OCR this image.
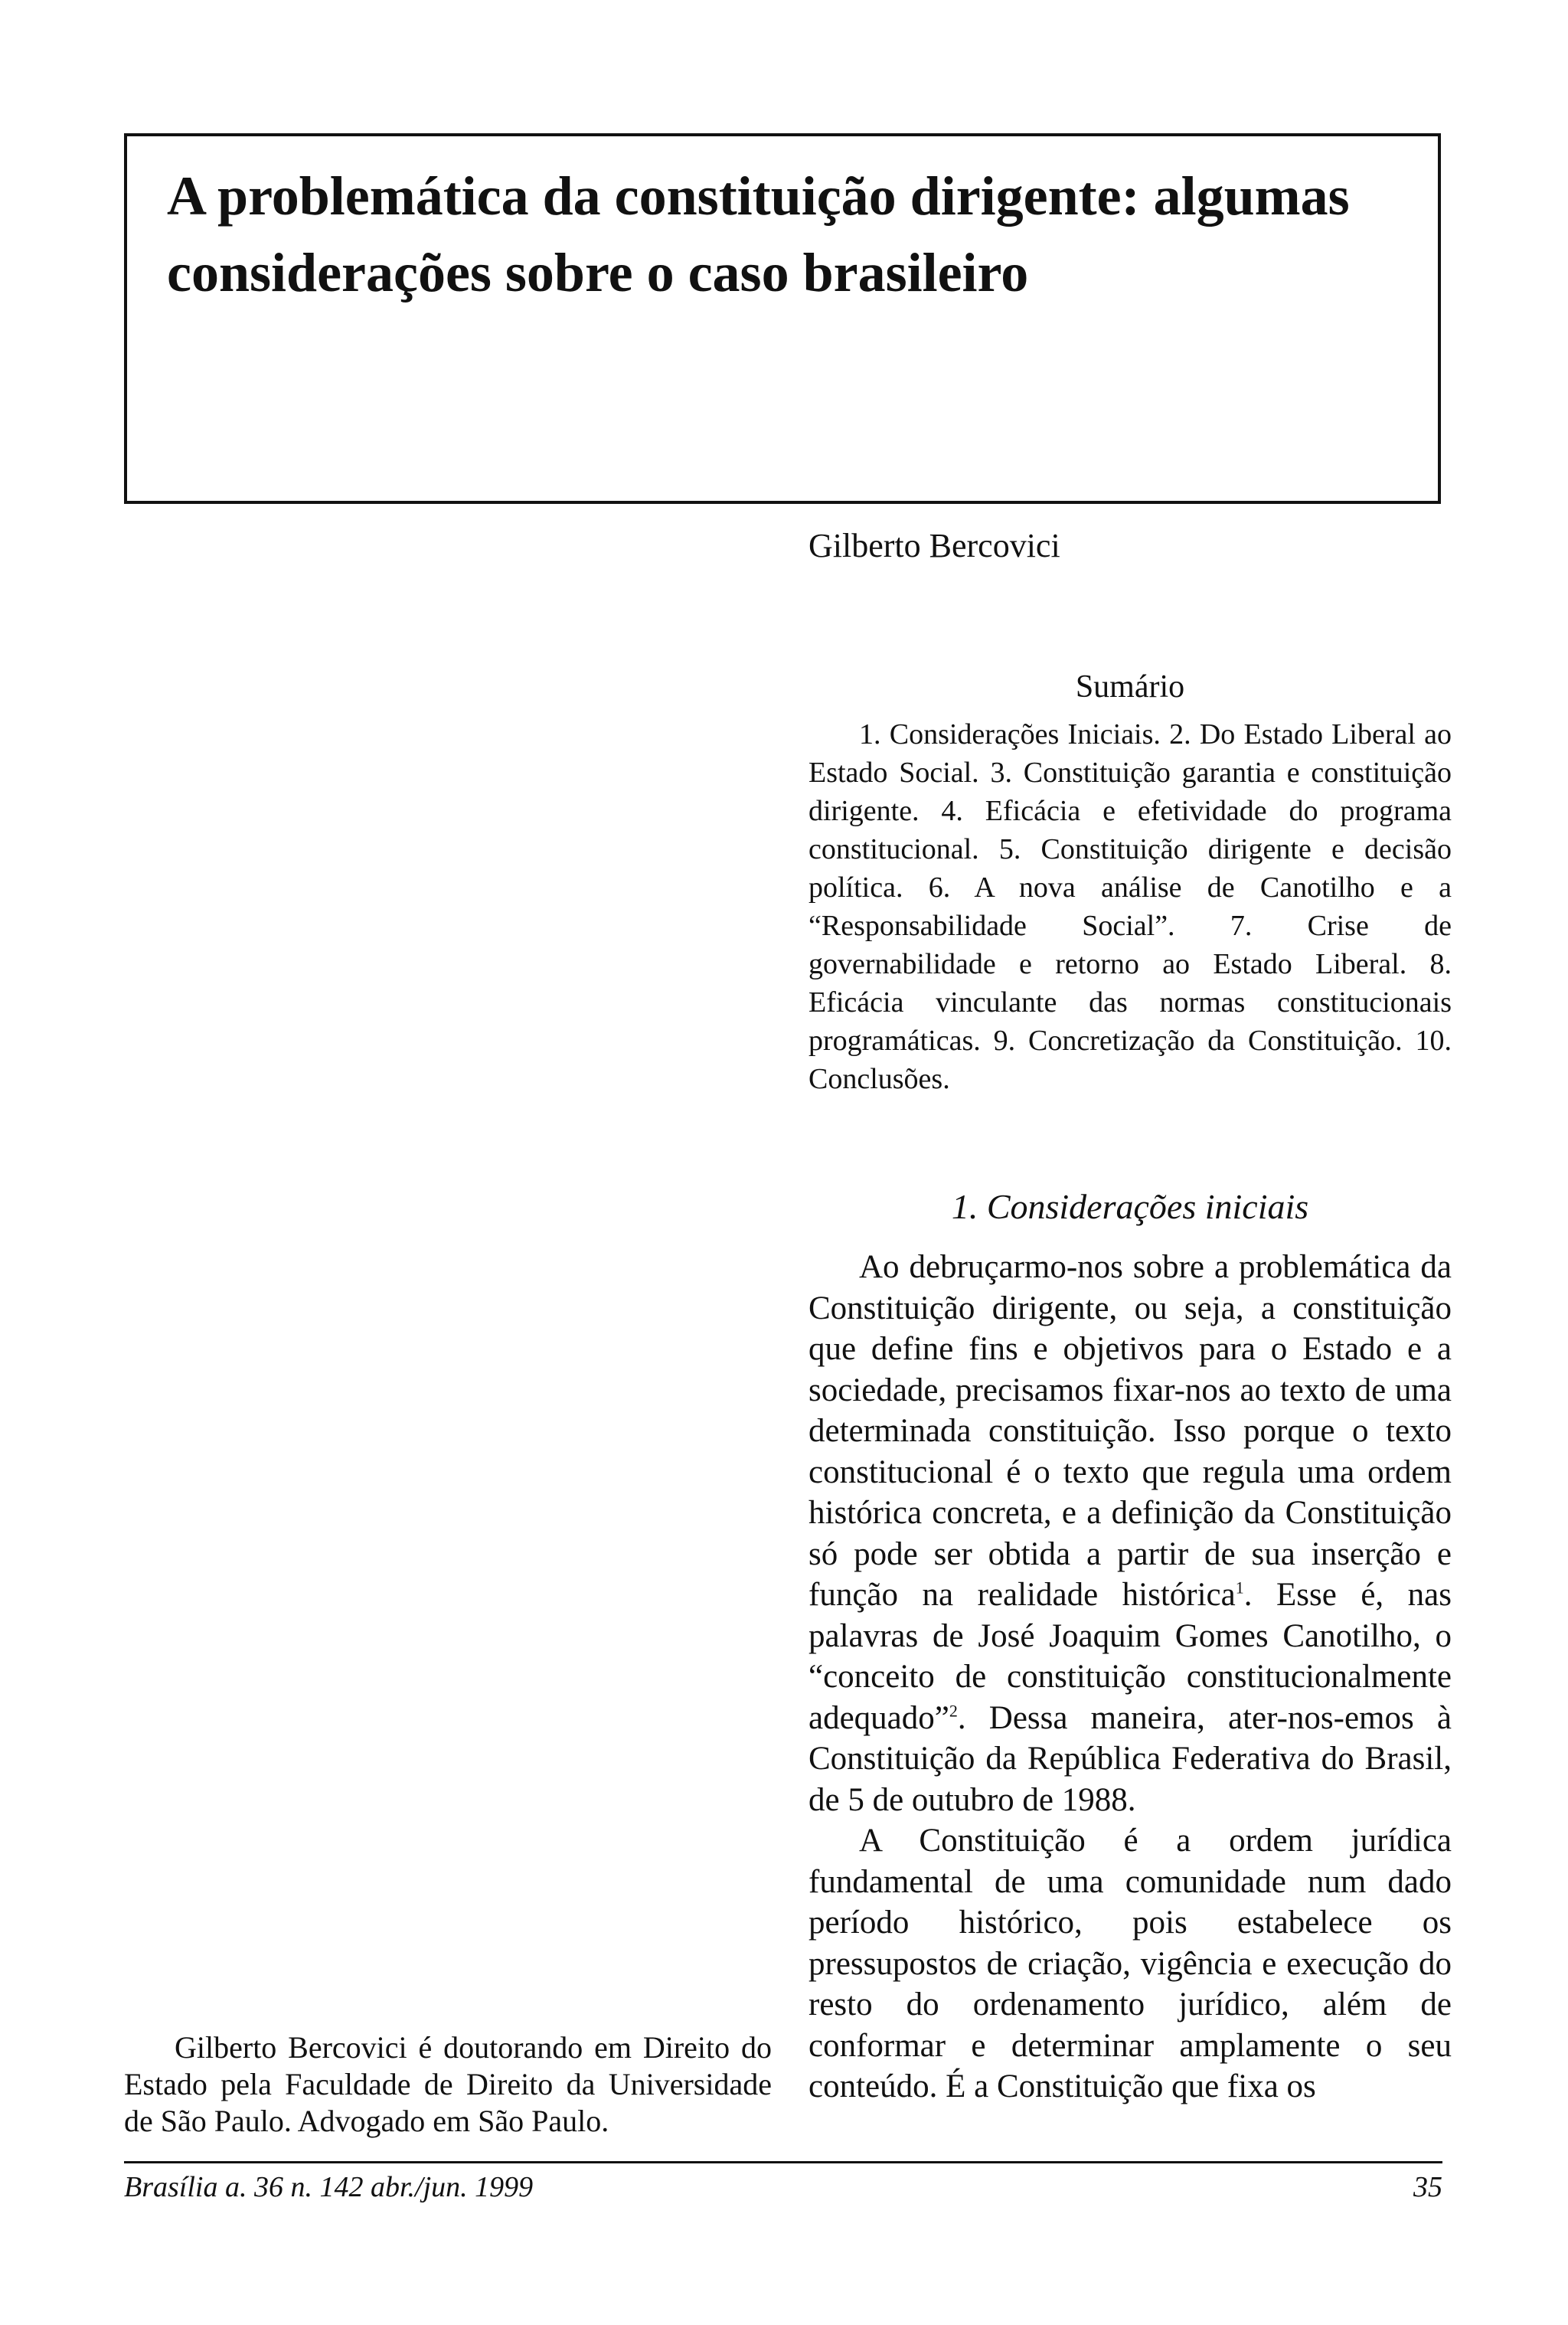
A problemática da constituição dirigente: algumas considerações sobre o caso brasileiro
Gilberto Bercovici
Sumário
1. Considerações Iniciais. 2. Do Estado Liberal ao Estado Social. 3. Constituição garantia e constituição dirigente. 4. Eficácia e efetividade do programa constitucional. 5. Constituição dirigente e decisão política. 6. A nova análise de Canotilho e a “Responsabilidade Social”. 7. Crise de governabilidade e retorno ao Estado Liberal. 8. Eficácia vinculante das normas constitucionais programáticas. 9. Concretização da Constituição. 10. Conclusões.
1. Considerações iniciais

Ao debruçarmo-nos sobre a problemática da Constituição dirigente, ou seja, a constituição que define fins e objetivos para o Estado e a sociedade, precisamos fixar-nos ao texto de uma determinada constituição. Isso porque o texto constitucional é o texto que regula uma ordem histórica concreta, e a definição da Constituição só pode ser obtida a partir de sua inserção e função na realidade histórica$^1$. Esse é, nas palavras de José Joaquim Gomes Canotilho, o “conceito de constituição constitucionalmente adequado”$^2$. Dessa maneira, ater-nos-emos à Constituição da República Federativa do Brasil, de 5 de outubro de 1988.

A Constituição é a ordem jurídica fundamental de uma comunidade num dado período histórico, pois estabelece os pressupostos de criação, vigência e execução do resto do ordenamento jurídico, além de conformar e determinar amplamente o seu conteúdo. É a Constituição que fixa os

Gilberto Bercovici é doutorando em Direito do Estado pela Faculdade de Direito da Universidade de São Paulo. Advogado em São Paulo.
Brasília a. 36 n. 142 abr./jun. 1999	35
